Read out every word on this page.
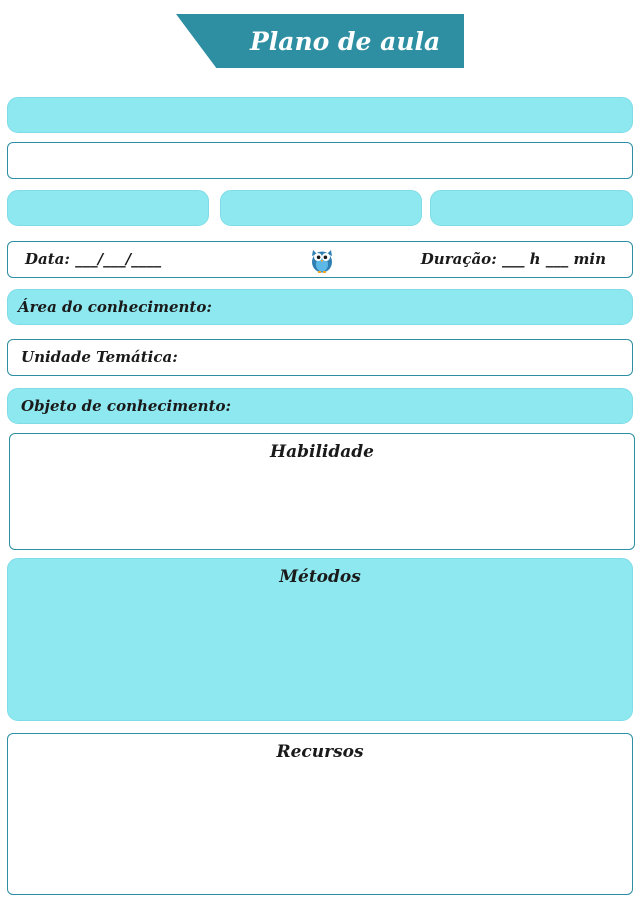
Plano de aula
Data: ___/___/____	Duração: ___ h ___ min
Área do conhecimento:
Unidade Temática:
Objeto de conhecimento:
Habilidade
Métodos
Recursos
